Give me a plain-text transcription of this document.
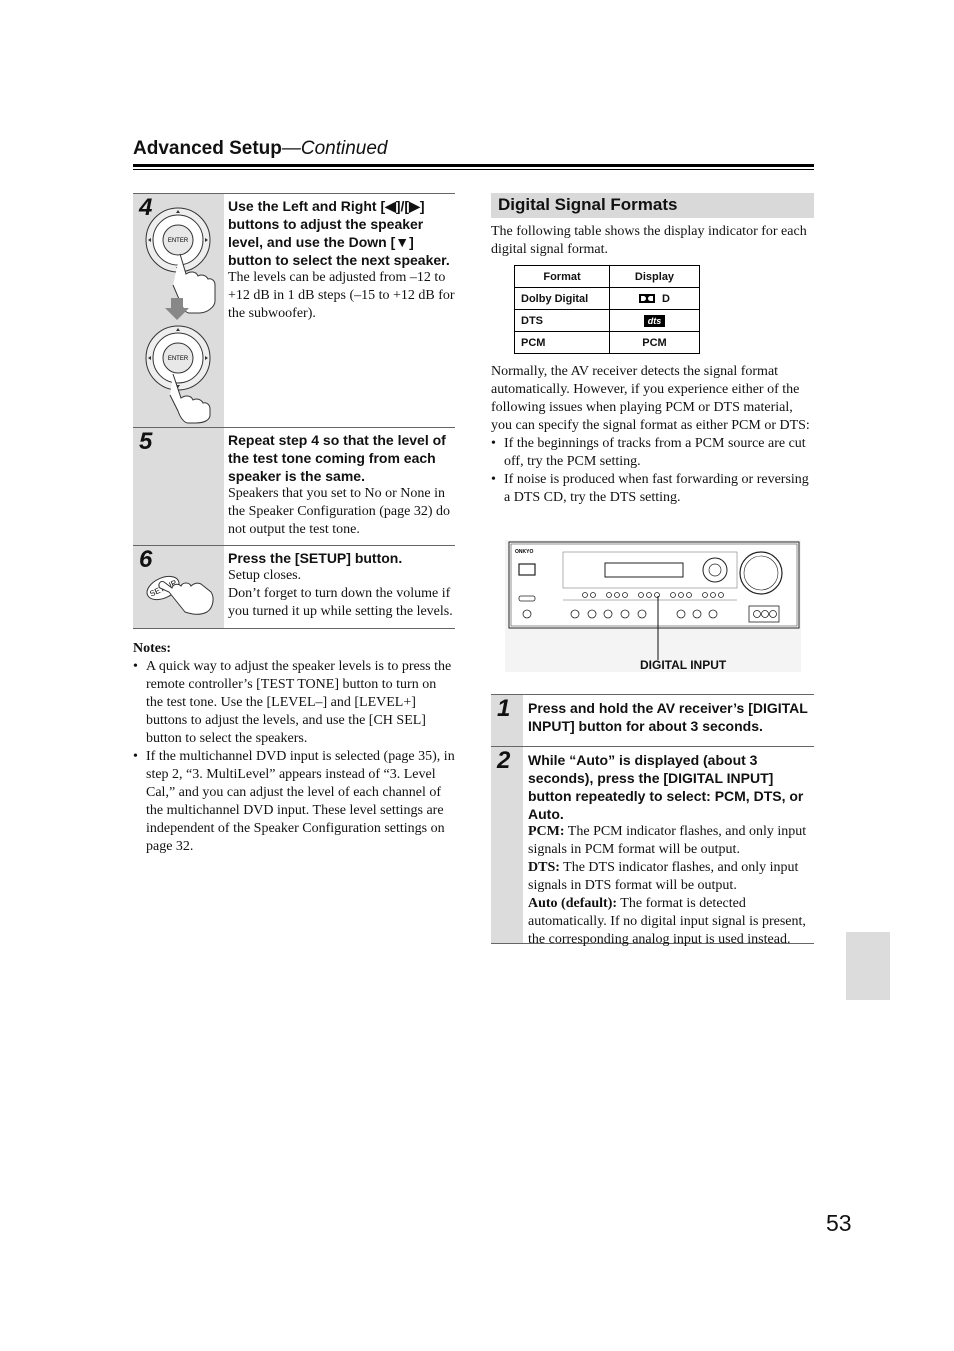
Advanced Setup—Continued
4
ENTER
ENTER

Use the Left and Right [◀]/[▶] buttons to adjust the speaker level, and use the Down [▼] button to select the next speaker.

The levels can be adjusted from –12 to +12 dB in 1 dB steps (–15 to +12 dB for the subwoofer).

5	Repeat step 4 so that the level of the test tone coming from each speaker is the same.

Speakers that you set to No or None in the Speaker Configuration (page 32) do not output the test tone.

6
SET UP

Press the [SETUP] button.

Setup closes.

Don’t forget to turn down the volume if you turned it up while setting the levels.

Notes:

• A quick way to adjust the speaker levels is to press the remote controller’s [TEST TONE] button to turn on the test tone. Use the [LEVEL–] and [LEVEL+] buttons to adjust the levels, and use the [CH SEL] button to select the speakers.
• If the multichannel DVD input is selected (page 35), in step 2, “3. MultiLevel” appears instead of “3. Level Cal,” and you can adjust the level of each channel of the multichannel DVD input. These level settings are independent of the Speaker Configuration settings on page 32.
Digital Signal Formats

The following table shows the display indicator for each digital signal format.

Format	Display
Dolby Digital	D
DTS	dts
PCM	PCM

Normally, the AV receiver detects the signal format automatically. However, if you experience either of the following issues when playing PCM or DTS material, you can specify the signal format as either PCM or DTS:

• If the beginnings of tracks from a PCM source are cut off, try the PCM setting.
• If noise is produced when fast forwarding or reversing a DTS CD, try the DTS setting.
ONKYO
DIGITAL INPUT
1 Press and hold the AV receiver’s [DIGITAL INPUT] button for about 3 seconds.

2 While “Auto” is displayed (about 3 seconds), press the [DIGITAL INPUT] button repeatedly to select: PCM, DTS, or Auto.

PCM: The PCM indicator flashes, and only input signals in PCM format will be output.

DTS: The DTS indicator flashes, and only input signals in DTS format will be output.

Auto (default): The format is detected automatically. If no digital input signal is present, the corresponding analog input is used instead.

53
